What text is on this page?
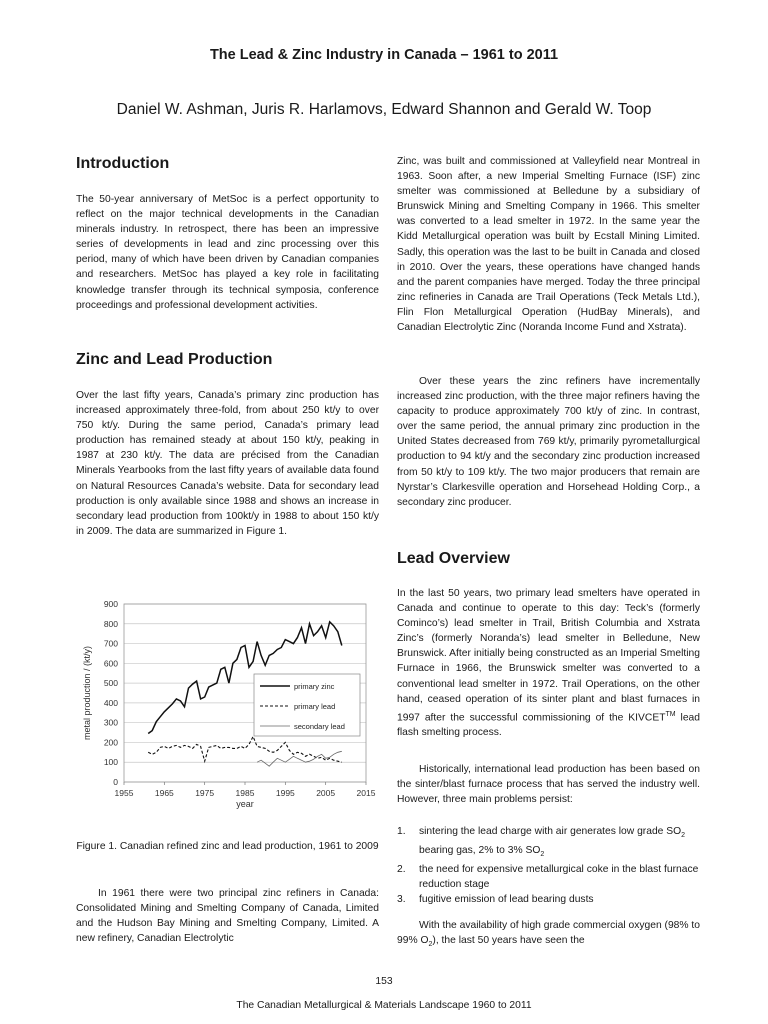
The Lead & Zinc Industry in Canada – 1961 to 2011
Daniel W. Ashman, Juris R. Harlamovs, Edward Shannon and Gerald W. Toop
Introduction

The 50-year anniversary of MetSoc is a perfect opportunity to reflect on the major technical developments in the Canadian minerals industry. In retrospect, there has been an impressive series of developments in lead and zinc processing over this period, many of which have been driven by Canadian companies and researchers. MetSoc has played a key role in facilitating knowledge transfer through its technical symposia, conference proceedings and professional development activities.

Zinc and Lead Production

Over the last fifty years, Canada’s primary zinc production has increased approximately three-fold, from about 250 kt/y to over 750 kt/y. During the same period, Canada’s primary lead production has remained steady at about 150 kt/y, peaking in 1987 at 230 kt/y. The data are précised from the Canadian Minerals Yearbooks from the last fifty years of available data found on Natural Resources Canada’s website. Data for secondary lead production is only available since 1988 and shows an increase in secondary lead production from 100kt/y in 1988 to about 150 kt/y in 2009. The data are summarized in Figure 1.

0
100
200
300
400
500
600
700
800
900
1955	1965	1975	1985	1995	2005	2015
year
metal production / (kt/y)	primary zinc
primary lead
secondary lead
Figure 1. Canadian refined zinc and lead production, 1961 to 2009

In 1961 there were two principal zinc refiners in Canada: Consolidated Mining and Smelting Company of Canada, Limited and the Hudson Bay Mining and Smelting Company, Limited. A new refinery, Canadian Electrolytic

Zinc, was built and commissioned at Valleyfield near Montreal in 1963. Soon after, a new Imperial Smelting Furnace (ISF) zinc smelter was commissioned at Belledune by a subsidiary of Brunswick Mining and Smelting Company in 1966. This smelter was converted to a lead smelter in 1972. In the same year the Kidd Metallurgical operation was built by Ecstall Mining Limited. Sadly, this operation was the last to be built in Canada and closed in 2010. Over the years, these operations have changed hands and the parent companies have merged. Today the three principal zinc refineries in Canada are Trail Operations (Teck Metals Ltd.), Flin Flon Metallurgical Operation (HudBay Minerals), and Canadian Electrolytic Zinc (Noranda Income Fund and Xstrata).

Over these years the zinc refiners have incrementally increased zinc production, with the three major refiners having the capacity to produce approximately 700 kt/y of zinc. In contrast, over the same period, the annual primary zinc production in the United States decreased from 769 kt/y, primarily pyrometallurgical production to 94 kt/y and the secondary zinc production increased from 50 kt/y to 109 kt/y. The two major producers that remain are Nyrstar’s Clarkesville operation and Horsehead Holding Corp., a secondary zinc producer.

Lead Overview

In the last 50 years, two primary lead smelters have operated in Canada and continue to operate to this day: Teck’s (formerly Cominco’s) lead smelter in Trail, British Columbia and Xstrata Zinc’s (formerly Noranda’s) lead smelter in Belledune, New Brunswick. After initially being constructed as an Imperial Smelting Furnace in 1966, the Brunswick smelter was converted to a conventional lead smelter in 1972. Trail Operations, on the other hand, ceased operation of its sinter plant and blast furnaces in 1997 after the successful commissioning of the KIVCET™ lead flash smelting process.

Historically, international lead production has been based on the sinter/blast furnace process that has served the industry well. However, three main problems persist:

1. sintering the lead charge with air generates low grade $SO_2$ bearing gas, 2% to 3% $SO_2$
2. the need for expensive metallurgical coke in the blast furnace reduction stage
3. fugitive emission of lead bearing dusts

With the availability of high grade commercial oxygen (98% to 99% $O_2$), the last 50 years have seen the

153
The Canadian Metallurgical & Materials Landscape 1960 to 2011
